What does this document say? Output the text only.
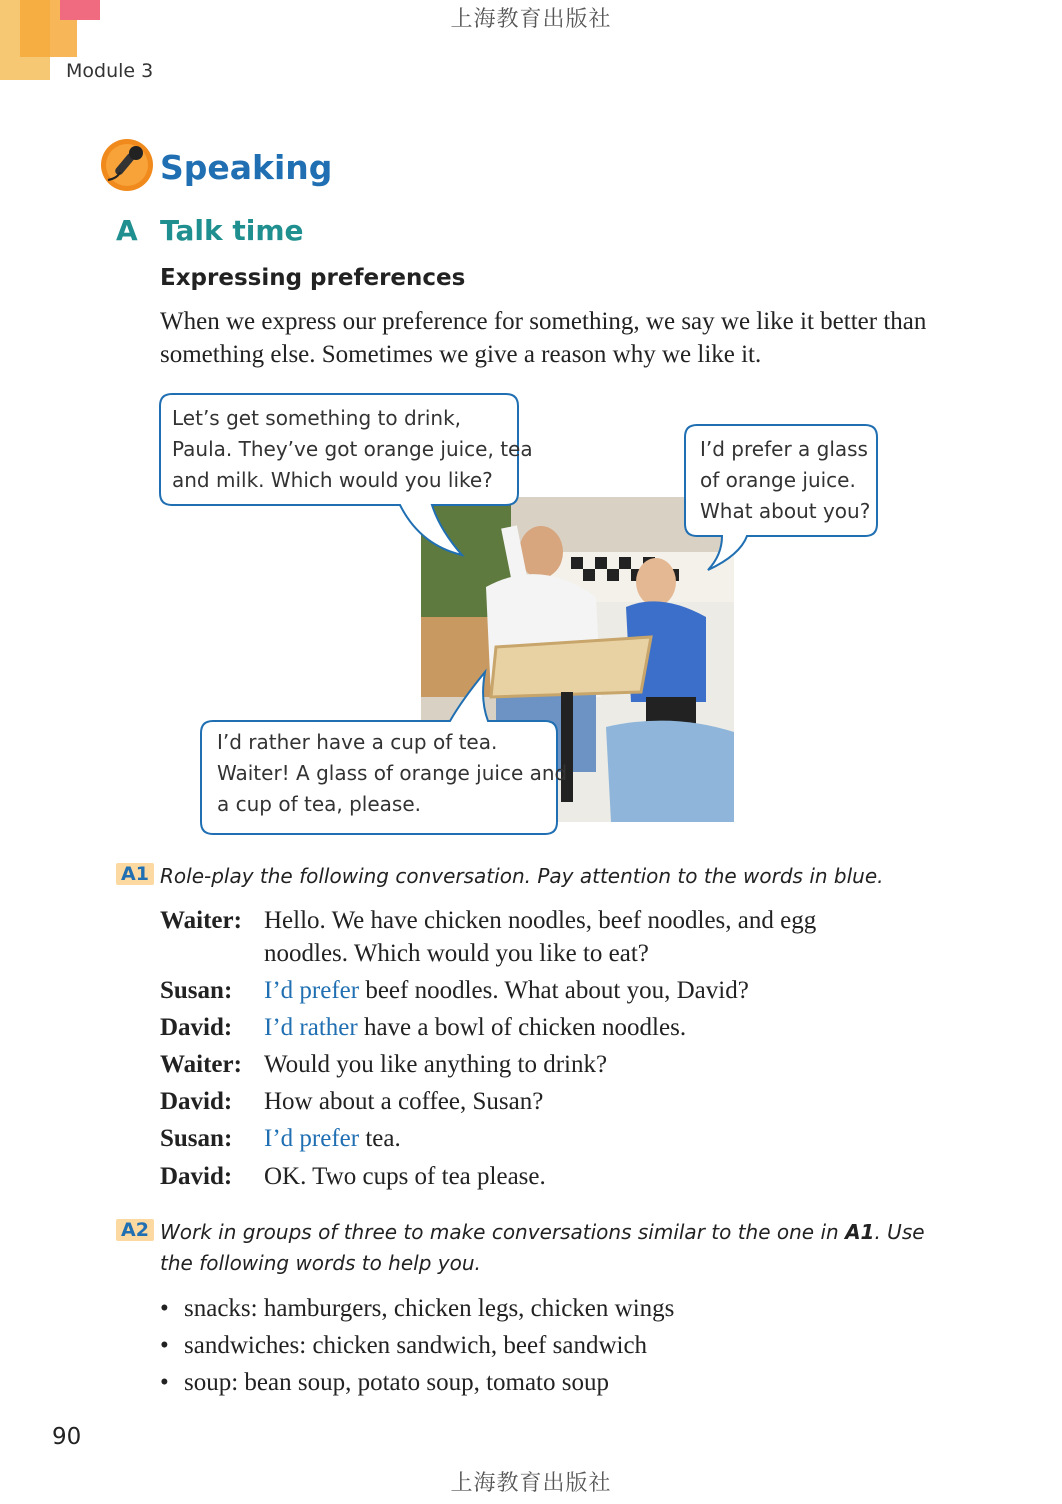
上海教育出版社
Module 3
Speaking
A Talk time
Expressing preferences
When we express our preference for something, we say we like it better than something else. Sometimes we give a reason why we like it.
Let’s get something to drink,
Paula. They’ve got orange juice, tea
and milk. Which would you like?
I’d prefer a glass
of orange juice.
What about you?
I’d rather have a cup of tea.
Waiter! A glass of orange juice and
a cup of tea, please.
A1 Role-play the following conversation. Pay attention to the words in blue.
Waiter: Hello. We have chicken noodles, beef noodles, and egg noodles. Which would you like to eat?
Susan: I’d prefer beef noodles. What about you, David?
David: I’d rather have a bowl of chicken noodles.
Waiter: Would you like anything to drink?
David: How about a coffee, Susan?
Susan: I’d prefer tea.
David: OK. Two cups of tea please.
A2 Work in groups of three to make conversations similar to the one in A1. Use the following words to help you.
• snacks: hamburgers, chicken legs, chicken wings
• sandwiches: chicken sandwich, beef sandwich
• soup: bean soup, potato soup, tomato soup
90
上海教育出版社
